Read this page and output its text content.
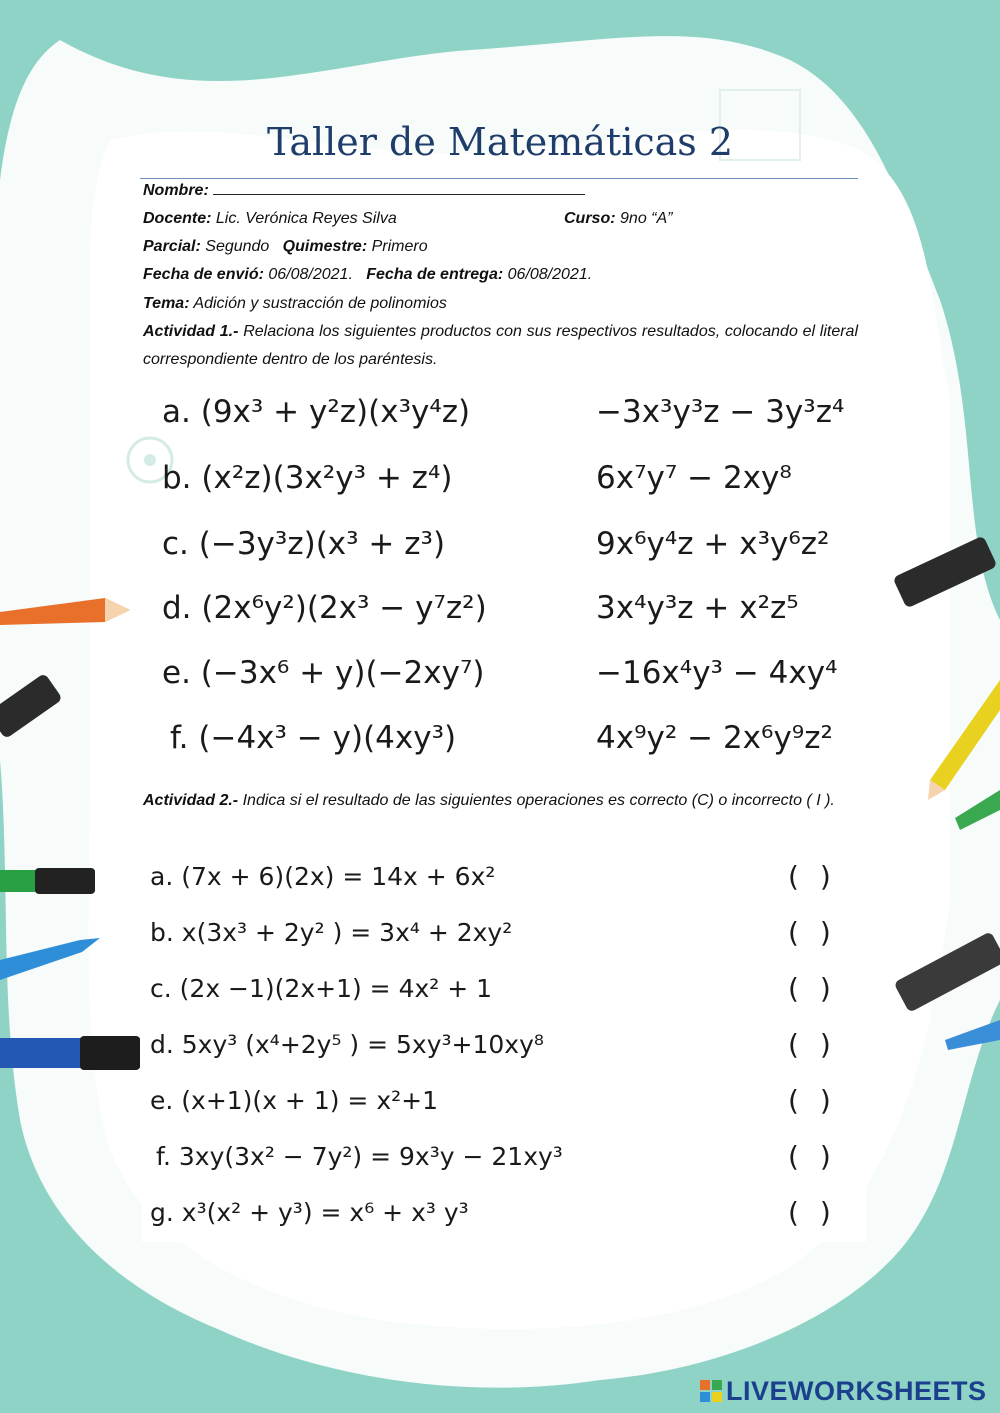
Taller de Matemáticas 2
Nombre:
Docente: Lic. Verónica Reyes Silva	Curso: 9no “A”
Parcial: Segundo Quimestre: Primero
Fecha de envió: 06/08/2021. Fecha de entrega: 06/08/2021.
Tema: Adición y sustracción de polinomios
Actividad 1.- Relaciona los siguientes productos con sus respectivos resultados, colocando el literal correspondiente dentro de los paréntesis.
a. (9x³ + y²z)(x³y⁴z)	−3x³y³z − 3y³z⁴
b. (x²z)(3x²y³ + z⁴)	6x⁷y⁷ − 2xy⁸
c. (−3y³z)(x³ + z³)	9x⁶y⁴z + x³y⁶z²
d. (2x⁶y²)(2x³ − y⁷z²)	3x⁴y³z + x²z⁵
e. (−3x⁶ + y)(−2xy⁷)	−16x⁴y³ − 4xy⁴
f. (−4x³ − y)(4xy³)	4x⁹y² − 2x⁶y⁹z²
Actividad 2.- Indica si el resultado de las siguientes operaciones es correcto (C) o incorrecto ( I ).
a. (7x + 6)(2x) = 14x + 6x²	( )
b. x(3x³ + 2y² ) = 3x⁴ + 2xy²	( )
c. (2x −1)(2x+1) = 4x² + 1	( )
d. 5xy³ (x⁴+2y⁵ ) = 5xy³+10xy⁸	( )
e. (x+1)(x + 1) = x²+1	( )
f. 3xy(3x² − 7y²) = 9x³y − 21xy³	( )
g. x³(x² + y³) = x⁶ + x³ y³	( )
LIVEWORKSHEETS
